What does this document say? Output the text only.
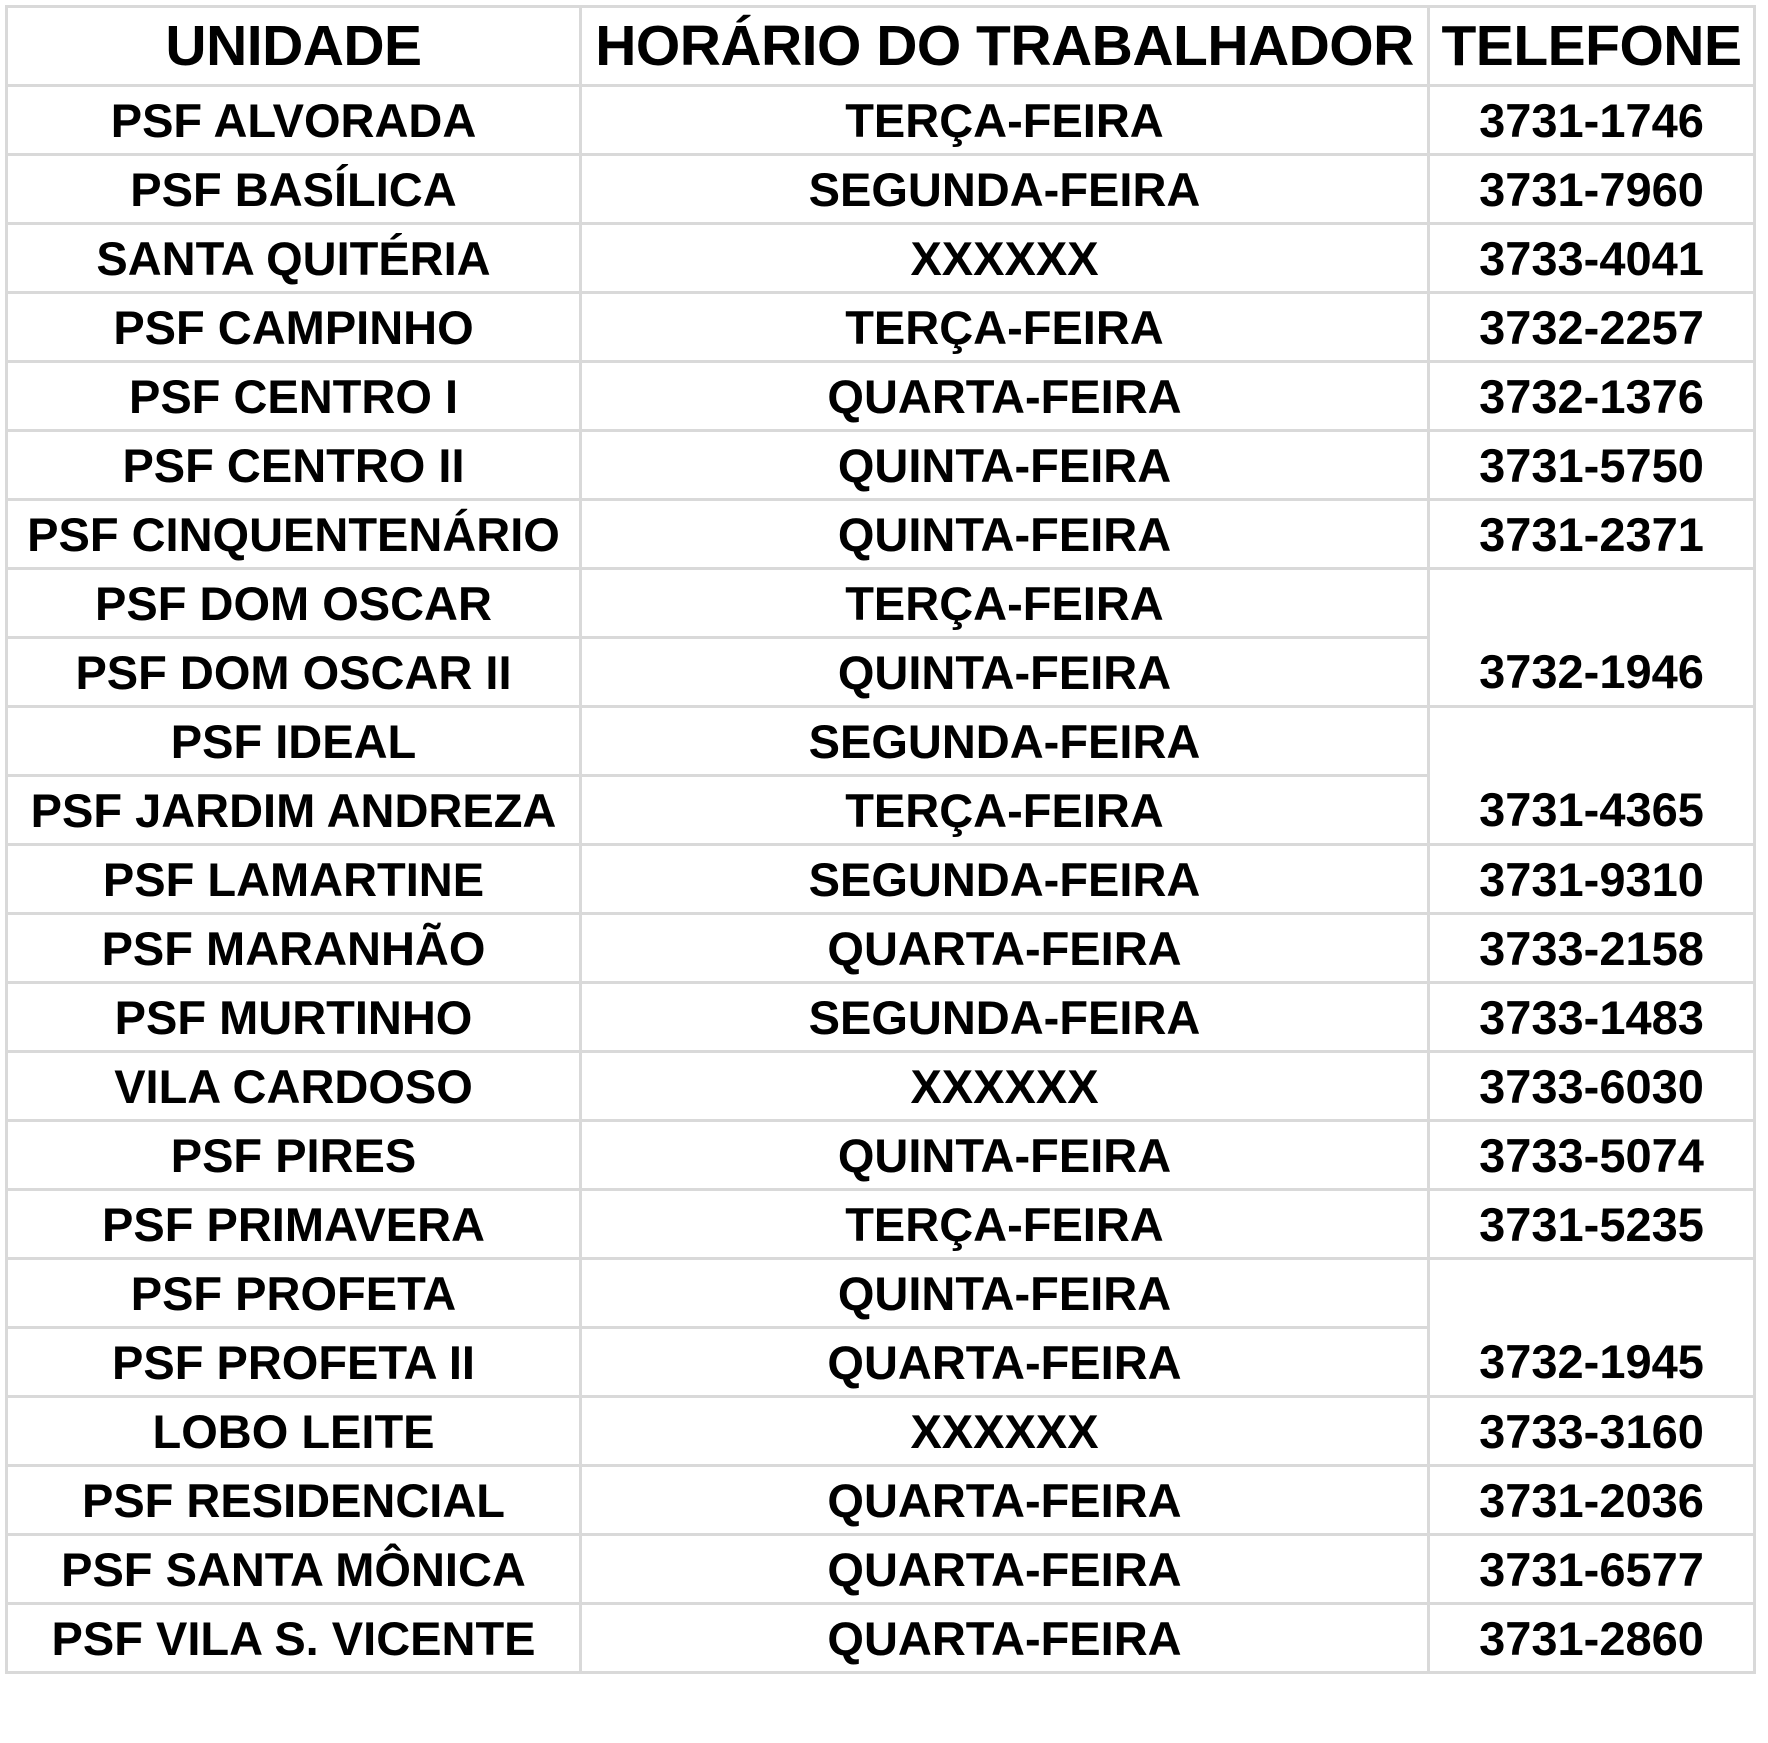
UNIDADE	HORÁRIO DO TRABALHADOR	TELEFONE
PSF ALVORADA	TERÇA-FEIRA	3731-1746
PSF BASÍLICA	SEGUNDA-FEIRA	3731-7960
SANTA QUITÉRIA	XXXXXX	3733-4041
PSF CAMPINHO	TERÇA-FEIRA	3732-2257
PSF CENTRO I	QUARTA-FEIRA	3732-1376
PSF CENTRO II	QUINTA-FEIRA	3731-5750
PSF CINQUENTENÁRIO	QUINTA-FEIRA	3731-2371
PSF DOM OSCAR	TERÇA-FEIRA	3732-1946
PSF DOM OSCAR II	QUINTA-FEIRA	
PSF IDEAL	SEGUNDA-FEIRA	3731-4365
PSF JARDIM ANDREZA	TERÇA-FEIRA	
PSF LAMARTINE	SEGUNDA-FEIRA	3731-9310
PSF MARANHÃO	QUARTA-FEIRA	3733-2158
PSF MURTINHO	SEGUNDA-FEIRA	3733-1483
VILA CARDOSO	XXXXXX	3733-6030
PSF PIRES	QUINTA-FEIRA	3733-5074
PSF PRIMAVERA	TERÇA-FEIRA	3731-5235
PSF PROFETA	QUINTA-FEIRA	3732-1945
PSF PROFETA II	QUARTA-FEIRA	
LOBO LEITE	XXXXXX	3733-3160
PSF RESIDENCIAL	QUARTA-FEIRA	3731-2036
PSF SANTA MÔNICA	QUARTA-FEIRA	3731-6577
PSF VILA S. VICENTE	QUARTA-FEIRA	3731-2860
